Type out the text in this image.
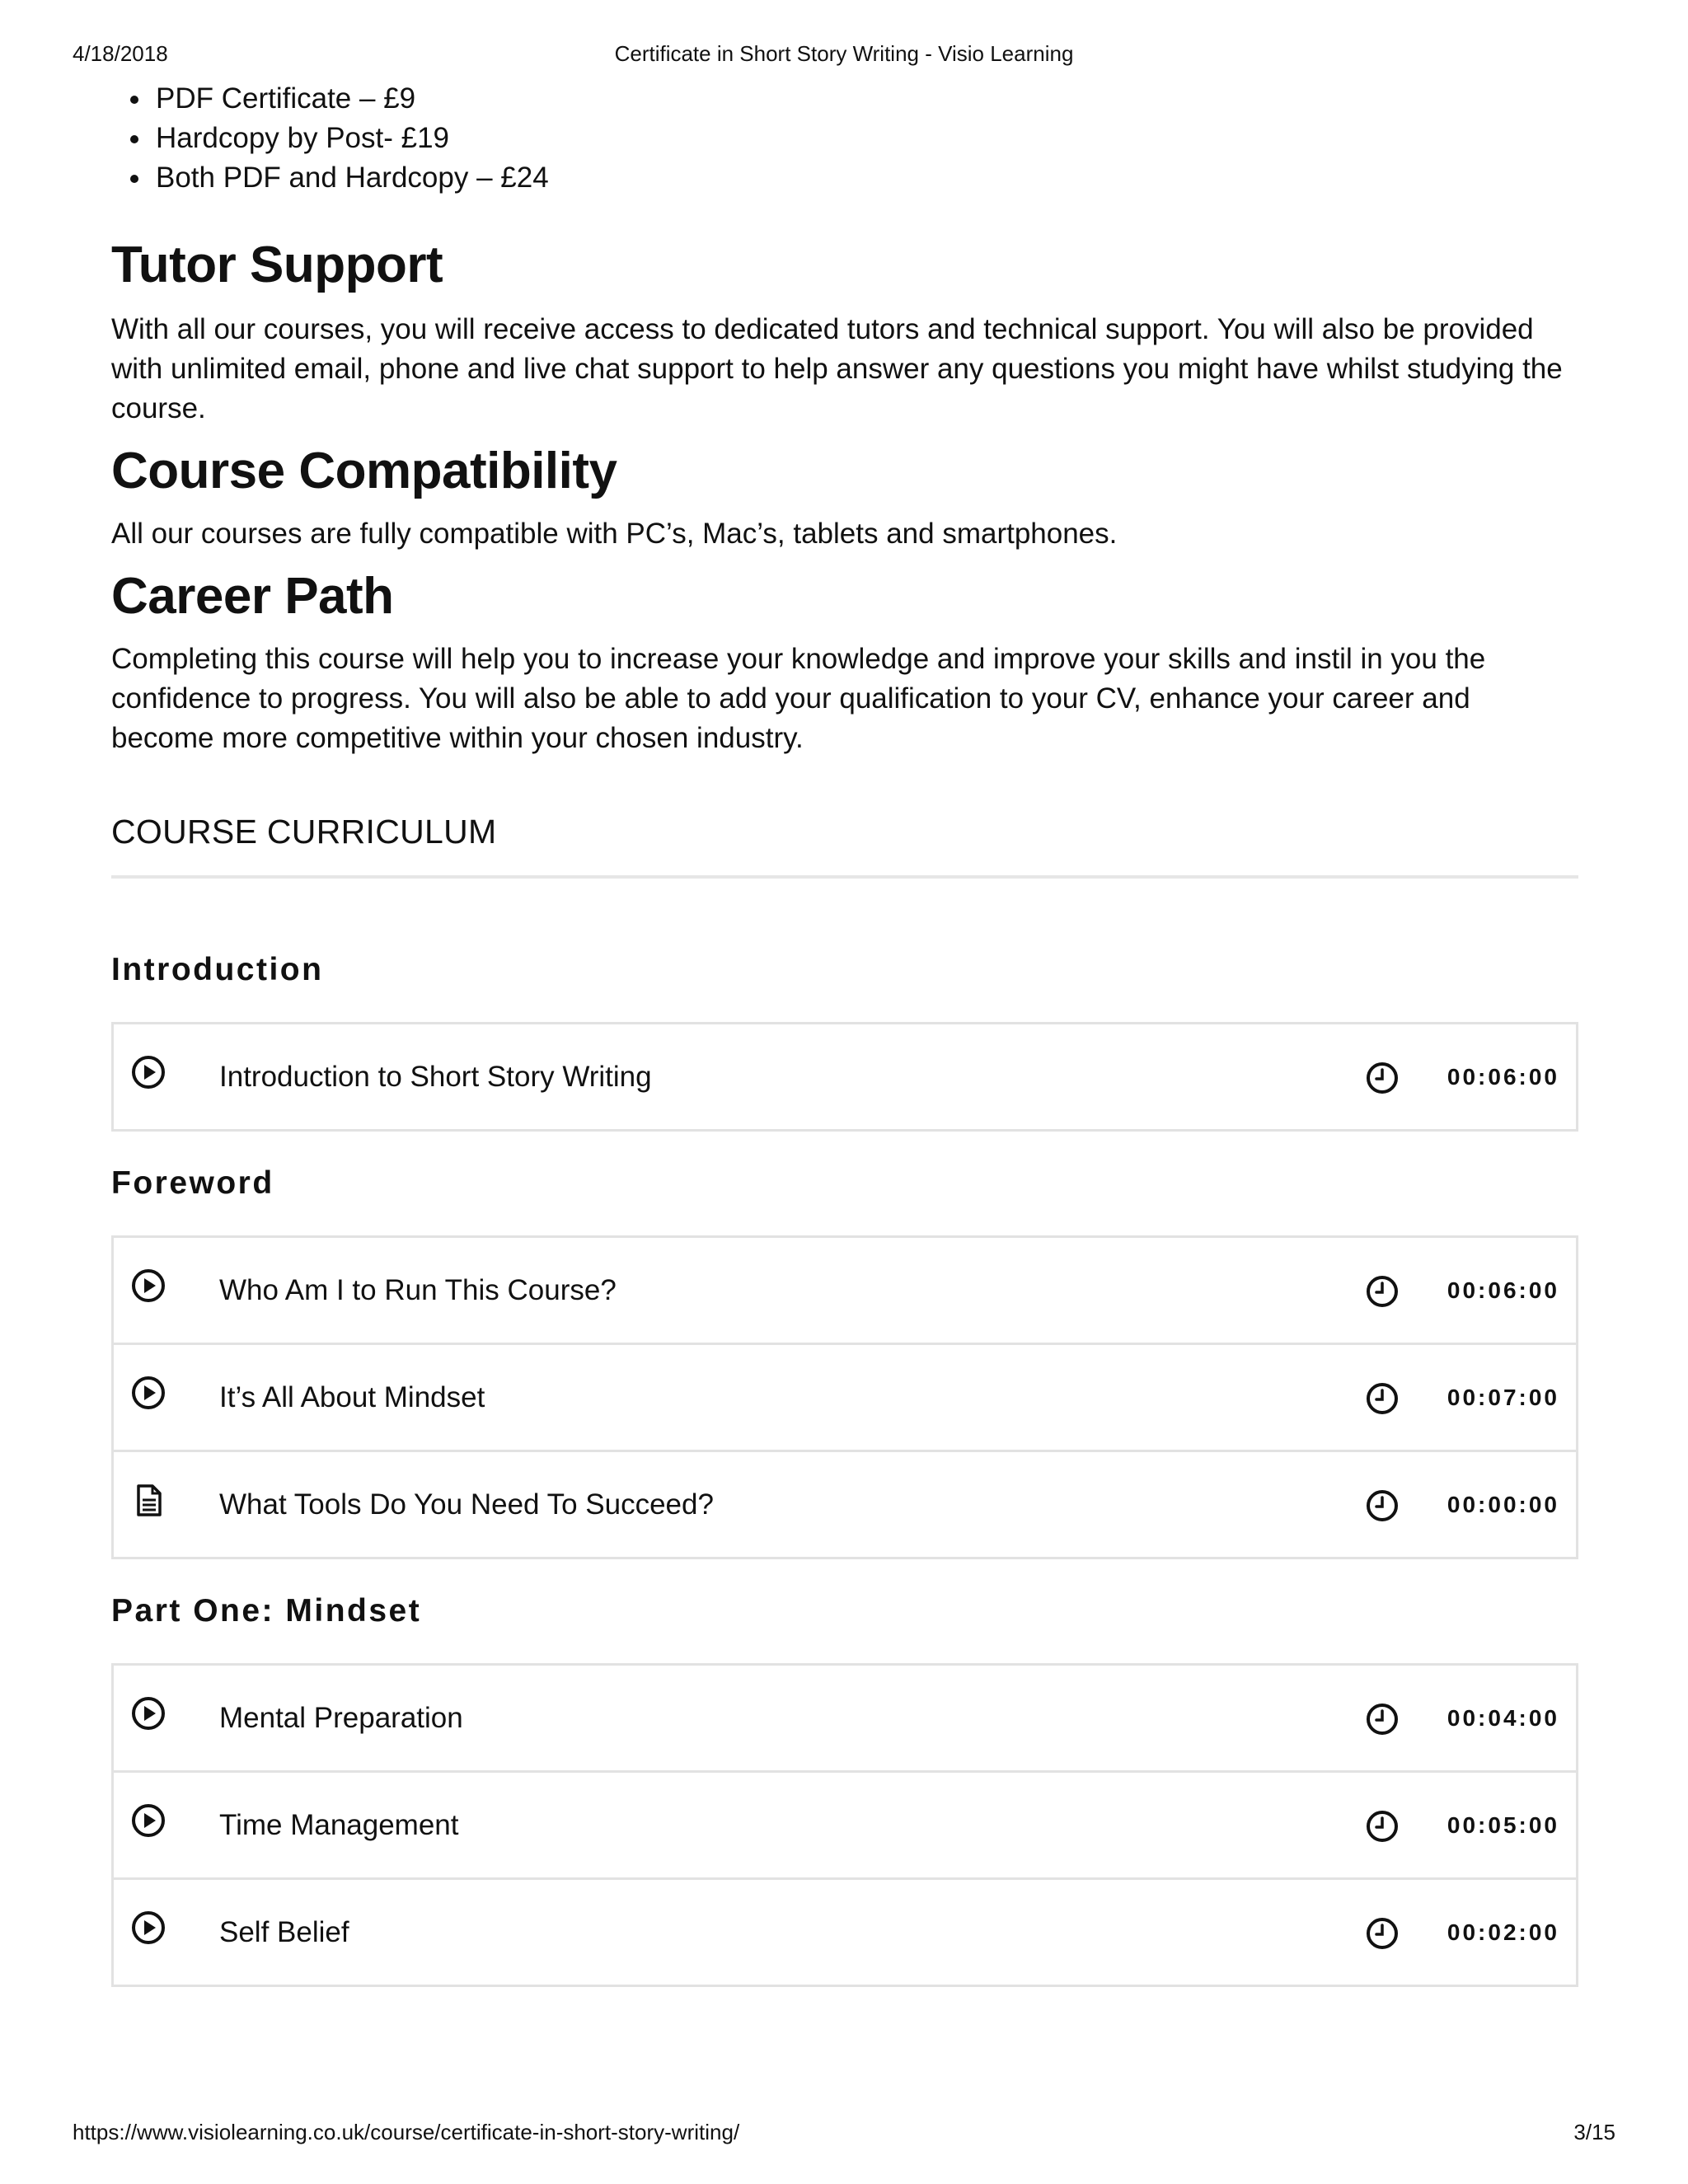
4/18/2018	Certificate in Short Story Writing - Visio Learning
• PDF Certificate – £9
• Hardcopy by Post- £19
• Both PDF and Hardcopy – £24
Tutor Support

With all our courses, you will receive access to dedicated tutors and technical support. You will also be provided with unlimited email, phone and live chat support to help answer any questions you might have whilst studying the course.

Course Compatibility

All our courses are fully compatible with PC’s, Mac’s, tablets and smartphones.

Career Path

Completing this course will help you to increase your knowledge and improve your skills and instil in you the confidence to progress. You will also be able to add your qualification to your CV, enhance your career and become more competitive within your chosen industry.

COURSE CURRICULUM
Introduction
Introduction to Short Story Writing	00:06:00
Foreword
Who Am I to Run This Course?	00:06:00
It’s All About Mindset	00:07:00
What Tools Do You Need To Succeed?	00:00:00
Part One: Mindset
Mental Preparation	00:04:00
Time Management	00:05:00
Self Belief	00:02:00
https://www.visiolearning.co.uk/course/certificate-in-short-story-writing/	3/15
